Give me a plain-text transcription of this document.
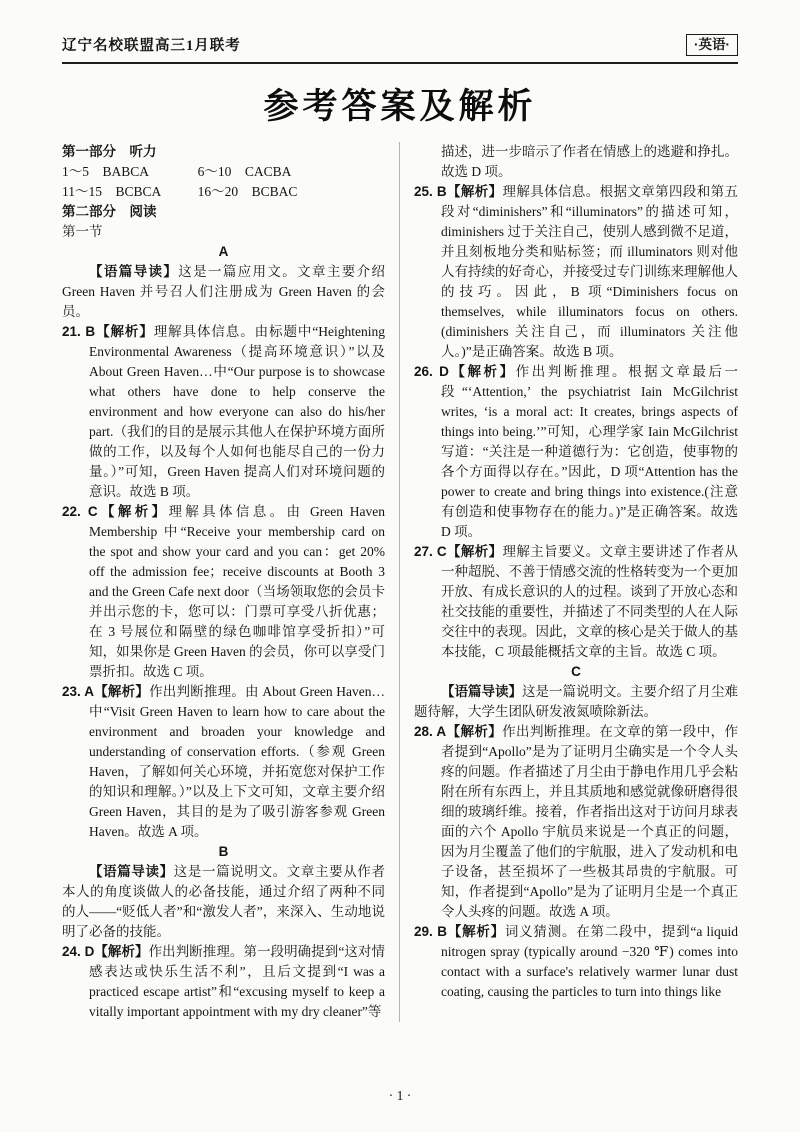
辽宁名校联盟高三1月联考	·英语·
参考答案及解析

第一部分　听力

1～5　BABCA	6～10　CACBA

11～15　BCBCA	16～20　BCBAC

第二部分　阅读

第一节

A

【语篇导读】这是一篇应用文。文章主要介绍 Green Haven 并号召人们注册成为 Green Haven 的会员。

21. B【解析】理解具体信息。由标题中“Heightening Environmental Awareness（提高环境意识）”以及 About Green Haven…中“Our purpose is to showcase what others have done to help conserve the environment and how everyone can also do his/her part.（我们的目的是展示其他人在保护环境方面所做的工作，以及每个人如何也能尽自己的一份力量。）”可知，Green Haven 提高人们对环境问题的意识。故选 B 项。

22. C【解析】理解具体信息。由 Green Haven Membership 中“Receive your membership card on the spot and show your card and you can：get 20% off the admission fee；receive discounts at Booth 3 and the Green Cafe next door（当场领取您的会员卡并出示您的卡，您可以：门票可享受八折优惠；在 3 号展位和隔壁的绿色咖啡馆享受折扣）”可知，如果你是 Green Haven 的会员，你可以享受门票折扣。故选 C 项。

23. A【解析】作出判断推理。由 About Green Haven…中“Visit Green Haven to learn how to care about the environment and broaden your knowledge and understanding of conservation efforts.（参观 Green Haven，了解如何关心环境，并拓宽您对保护工作的知识和理解。）”以及上下文可知，文章主要介绍 Green Haven，其目的是为了吸引游客参观 Green Haven。故选 A 项。

B

【语篇导读】这是一篇说明文。文章主要从作者本人的角度谈做人的必备技能，通过介绍了两种不同的人——“贬低人者”和“激发人者”，来深入、生动地说明了必备的技能。

24. D【解析】作出判断推理。第一段明确提到“这对情感表达或快乐生活不利”，且后文提到“I was a practiced escape artist”和“excusing myself to keep a vitally important appointment with my dry cleaner”等

描述，进一步暗示了作者在情感上的逃避和挣扎。故选 D 项。

25. B【解析】理解具体信息。根据文章第四段和第五段对“diminishers”和“illuminators”的描述可知，diminishers 过于关注自己，使别人感到微不足道，并且刻板地分类和贴标签；而 illuminators 则对他人有持续的好奇心，并接受过专门训练来理解他人的技巧。因此，B 项“Diminishers focus on themselves, while illuminators focus on others.(diminishers 关注自己，而 illuminators 关注他人。)”是正确答案。故选 B 项。

26. D【解析】作出判断推理。根据文章最后一段“‘Attention,’ the psychiatrist Iain McGilchrist writes, ‘is a moral act: It creates, brings aspects of things into being.’”可知，心理学家 Iain McGilchrist 写道：“关注是一种道德行为：它创造，使事物的各个方面得以存在。”因此，D 项“Attention has the power to create and bring things into existence.(注意有创造和使事物存在的能力。)”是正确答案。故选 D 项。

27. C【解析】理解主旨要义。文章主要讲述了作者从一种超脱、不善于情感交流的性格转变为一个更加开放、有成长意识的人的过程。谈到了开放心态和社交技能的重要性，并描述了不同类型的人在人际交往中的表现。因此，文章的核心是关于做人的基本技能，C 项最能概括文章的主旨。故选 C 项。

C

【语篇导读】这是一篇说明文。主要介绍了月尘难题待解，大学生团队研发液氮喷除新法。

28. A【解析】作出判断推理。在文章的第一段中，作者提到“Apollo”是为了证明月尘确实是一个令人头疼的问题。作者描述了月尘由于静电作用几乎会粘附在所有东西上，并且其质地和感觉就像研磨得很细的玻璃纤维。接着，作者指出这对于访问月球表面的六个 Apollo 宇航员来说是一个真正的问题，因为月尘覆盖了他们的宇航服，进入了发动机和电子设备，甚至损坏了一些极其昂贵的宇航服。可知，作者提到“Apollo”是为了证明月尘是一个真正令人头疼的问题。故选 A 项。

29. B【解析】词义猜测。在第二段中，提到“a liquid nitrogen spray (typically around −320 ℉) comes into contact with a surface's relatively warmer lunar dust coating, causing the particles to turn into things like

· 1 ·
